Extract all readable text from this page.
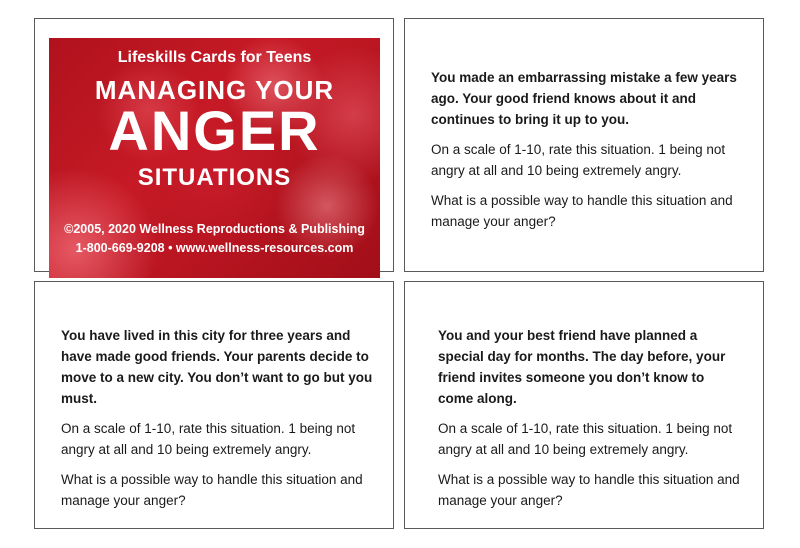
Lifeskills Cards for Teens
MANAGING YOUR
ANGER
SITUATIONS
©2005, 2020 Wellness Reproductions & Publishing
1-800-669-9208 • www.wellness-resources.com

You made an embarrassing mistake a few years ago. Your good friend knows about it and continues to bring it up to you.

On a scale of 1-10, rate this situation. 1 being not angry at all and 10 being extremely angry.

What is a possible way to handle this situation and manage your anger?

You have lived in this city for three years and have made good friends. Your parents decide to move to a new city. You don’t want to go but you must.

On a scale of 1-10, rate this situation. 1 being not angry at all and 10 being extremely angry.

What is a possible way to handle this situation and manage your anger?

You and your best friend have planned a special day for months. The day before, your friend invites someone you don’t know to come along.

On a scale of 1-10, rate this situation. 1 being not angry at all and 10 being extremely angry.

What is a possible way to handle this situation and manage your anger?
